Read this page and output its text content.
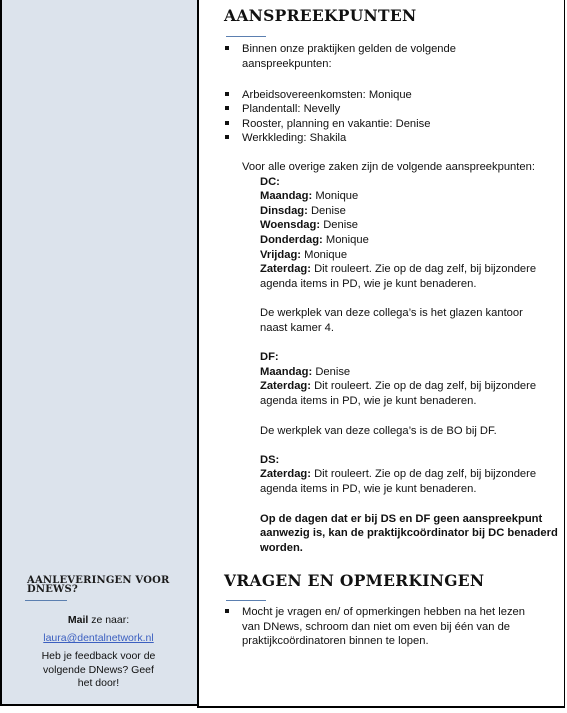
AANLEVERINGEN VOOR DNEWS?
Mail ze naar:
laura@dentalnetwork.nl
Heb je feedback voor de volgende DNews? Geef het door!
AANSPREEKPUNTEN
Binnen onze praktijken gelden de volgende
aanspreekpunten:
Arbeidsovereenkomsten: Monique
Plandentall: Nevelly
Rooster, planning en vakantie: Denise
Werkkleding: Shakila
Voor alle overige zaken zijn de volgende aanspreekpunten:
DC:
Maandag: Monique
Dinsdag: Denise
Woensdag: Denise
Donderdag: Monique
Vrijdag: Monique
Zaterdag: Dit rouleert. Zie op de dag zelf, bij bijzondere
agenda items in PD, wie je kunt benaderen.
De werkplek van deze collega’s is het glazen kantoor
naast kamer 4.
DF:
Maandag: Denise
Zaterdag: Dit rouleert. Zie op de dag zelf, bij bijzondere
agenda items in PD, wie je kunt benaderen.
De werkplek van deze collega’s is de BO bij DF.
DS:
Zaterdag: Dit rouleert. Zie op de dag zelf, bij bijzondere
agenda items in PD, wie je kunt benaderen.
Op de dagen dat er bij DS en DF geen aanspreekpunt
aanwezig is, kan de praktijkcoördinator bij DC benaderd
worden.
VRAGEN EN OPMERKINGEN
Mocht je vragen en/ of opmerkingen hebben na het lezen
van DNews, schroom dan niet om even bij één van de
praktijkcoördinatoren binnen te lopen.
